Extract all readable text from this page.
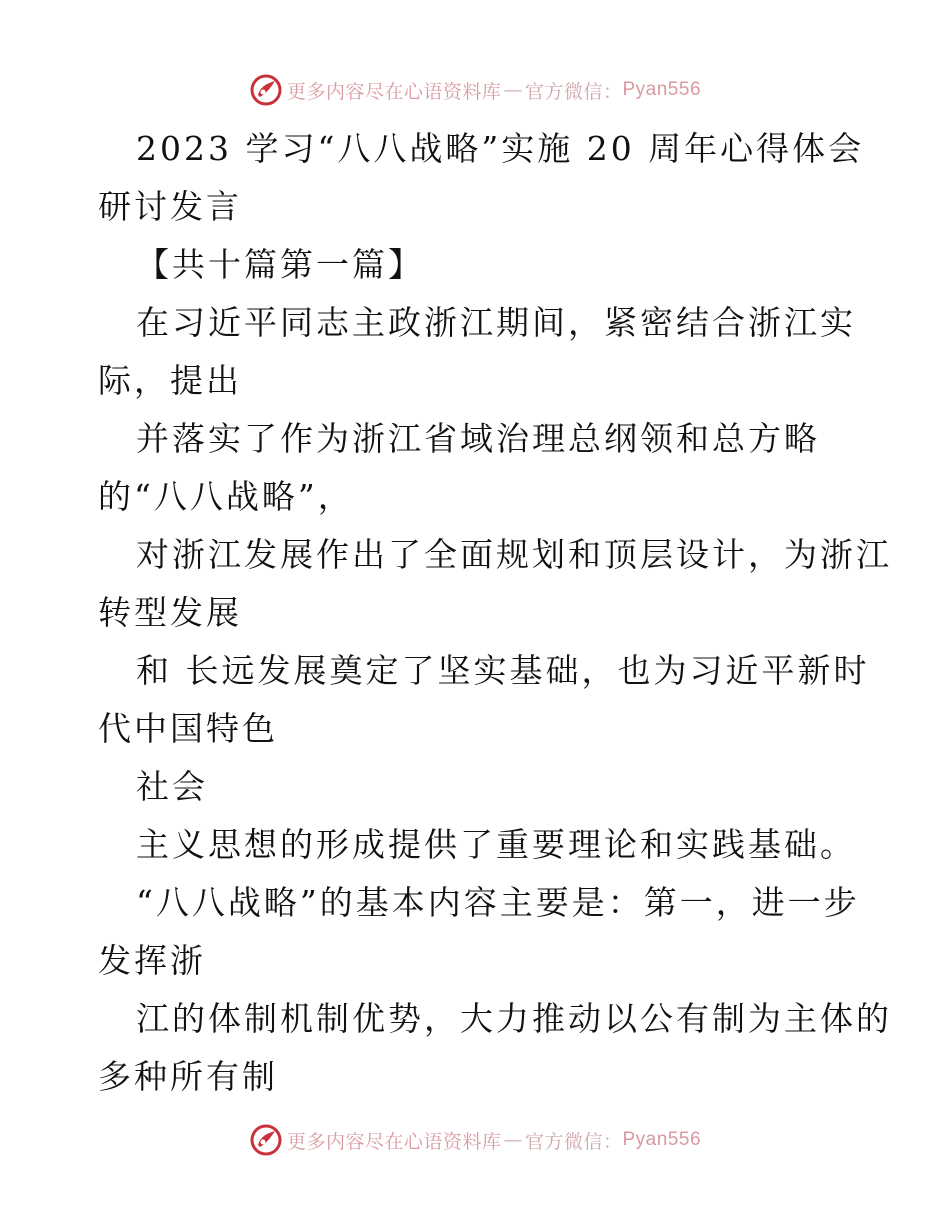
更多内容尽在心语资料库 — 官方微信： Pyan556
2023 学习“八八战略”实施 20 周年心得体会
研讨发言
【共十篇第一篇】
在习近平同志主政浙江期间，紧密结合浙江实
际，提出
并落实了作为浙江省域治理总纲领和总方略
的“八八战略”，
对浙江发展作出了全面规划和顶层设计，为浙江
转型发展
和 长远发展奠定了坚实基础，也为习近平新时
代中国特色
社会
主义思想的形成提供了重要理论和实践基础。
“八八战略”的基本内容主要是：第一，进一步
发挥浙
江的体制机制优势，大力推动以公有制为主体的
多种所有制
更多内容尽在心语资料库 — 官方微信： Pyan556
